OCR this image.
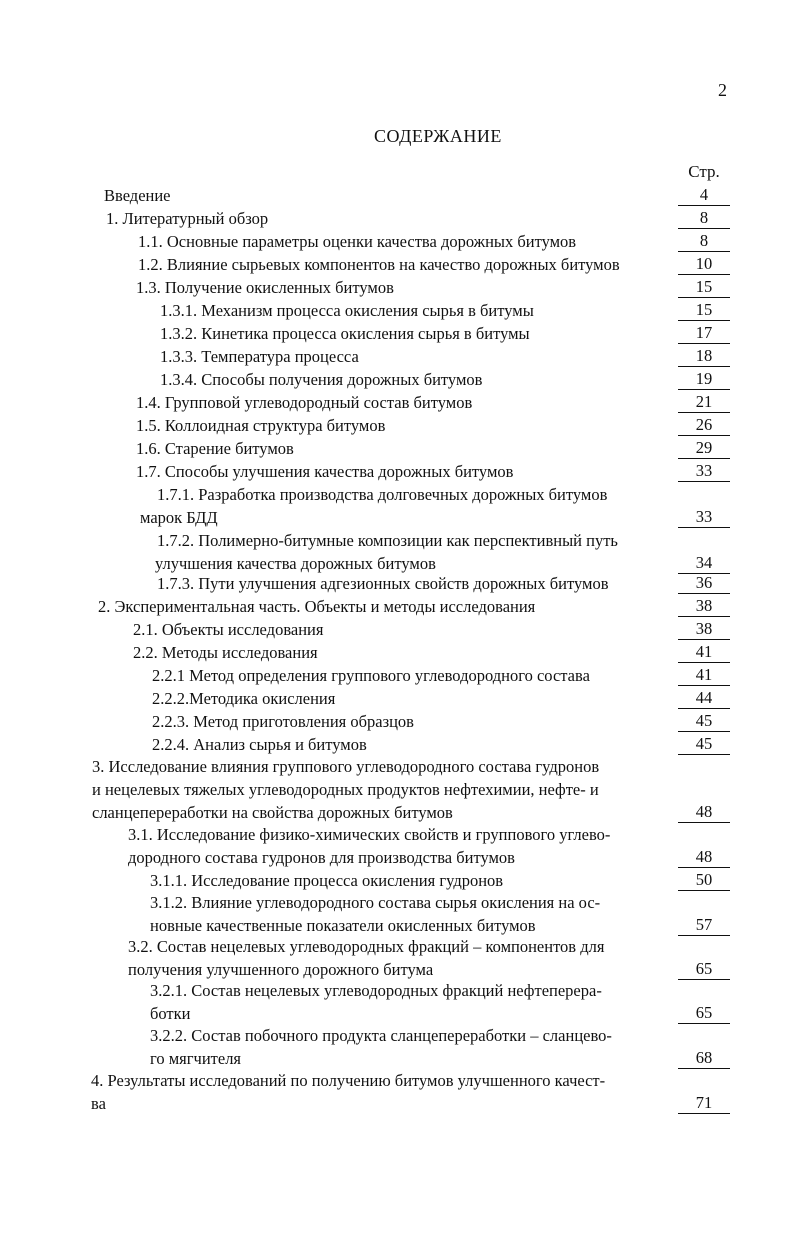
2
СОДЕРЖАНИЕ
Стр.
Введение	4
1. Литературный обзор	8
1.1. Основные параметры оценки качества дорожных битумов	8
1.2. Влияние сырьевых компонентов на качество дорожных битумов	10
1.3. Получение окисленных битумов	15
1.3.1. Механизм процесса окисления сырья в битумы	15
1.3.2. Кинетика процесса окисления сырья в битумы	17
1.3.3. Температура процесса	18
1.3.4. Способы получения дорожных битумов	19
1.4. Групповой углеводородный состав битумов	21
1.5. Коллоидная структура битумов	26
1.6. Старение битумов	29
1.7. Способы улучшения качества дорожных битумов	33
1.7.1. Разработка производства долговечных дорожных битумов
марок БДД	33
1.7.2. Полимерно-битумные композиции как перспективный путь
улучшения качества дорожных битумов	34
1.7.3. Пути улучшения адгезионных свойств дорожных битумов	36
2. Экспериментальная часть. Объекты и методы исследования	38
2.1. Объекты исследования	38
2.2. Методы исследования	41
2.2.1 Метод определения группового углеводородного состава	41
2.2.2.Методика окисления	44
2.2.3. Метод приготовления образцов	45
2.2.4. Анализ сырья и битумов	45
3. Исследование влияния группового углеводородного состава гудронов
и нецелевых тяжелых углеводородных продуктов нефтехимии, нефте- и
сланцепереработки на свойства дорожных битумов	48
3.1. Исследование физико-химических свойств и группового углево-
дородного состава гудронов для производства битумов	48
3.1.1. Исследование процесса окисления гудронов	50
3.1.2. Влияние углеводородного состава сырья окисления на ос-
новные качественные показатели окисленных битумов	57
3.2. Состав нецелевых углеводородных фракций – компонентов для
получения улучшенного дорожного битума	65
3.2.1. Состав нецелевых углеводородных фракций нефтеперера-
ботки	65
3.2.2. Состав побочного продукта сланцепереработки – сланцево-
го мягчителя	68
4. Результаты исследований по получению битумов улучшенного качест-
ва	71
